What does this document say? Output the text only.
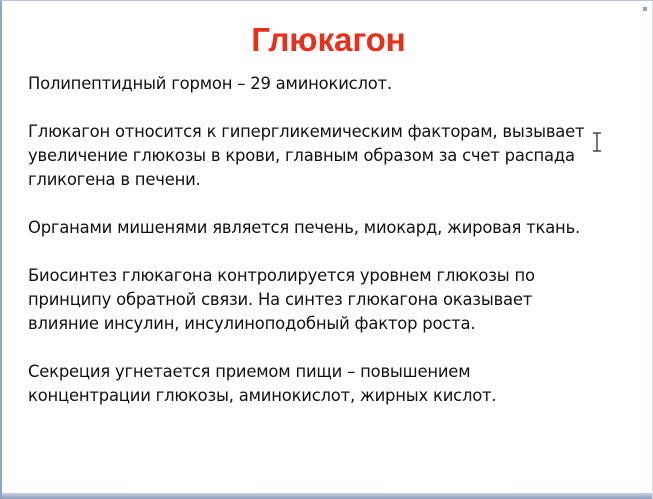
Глюкагон

Полипептидный гормон – 29 аминокислот.

Глюкагон относится к гипергликемическим факторам, вызывает
увеличение глюкозы в крови, главным образом за счет распада
гликогена в печени.

Органами мишенями является печень, миокард, жировая ткань.

Биосинтез глюкагона контролируется уровнем глюкозы по
принципу обратной связи. На синтез глюкагона оказывает
влияние инсулин, инсулиноподобный фактор роста.

Секреция угнетается приемом пищи – повышением
концентрации глюкозы, аминокислот, жирных кислот.
